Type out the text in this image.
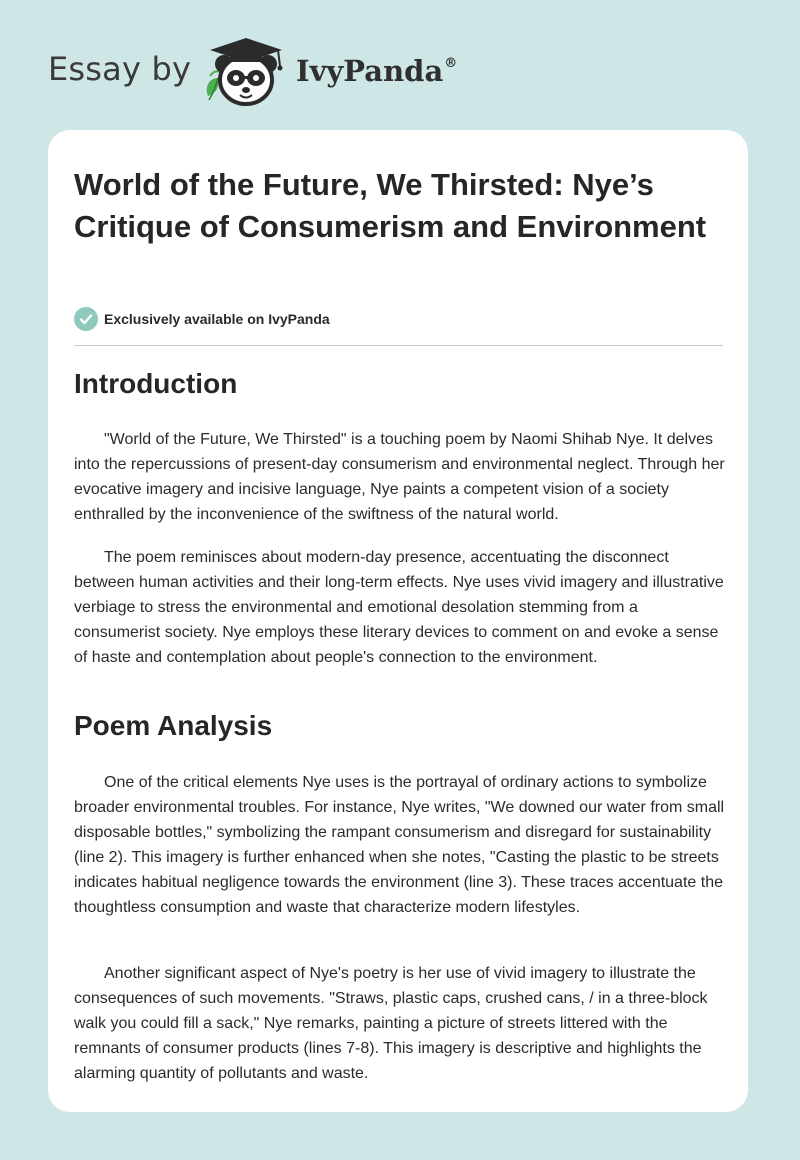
Essay by	IvyPanda®
World of the Future, We Thirsted: Nye’s Critique of Consumerism and Environment
Exclusively available on IvyPanda
Introduction

"World of the Future, We Thirsted" is a touching poem by Naomi Shihab Nye. It delves into the repercussions of present-day consumerism and environmental neglect. Through her evocative imagery and incisive language, Nye paints a competent vision of a society enthralled by the inconvenience of the swiftness of the natural world.

The poem reminisces about modern-day presence, accentuating the disconnect between human activities and their long-term effects. Nye uses vivid imagery and illustrative verbiage to stress the environmental and emotional desolation stemming from a consumerist society. Nye employs these literary devices to comment on and evoke a sense of haste and contemplation about people's connection to the environment.

Poem Analysis

One of the critical elements Nye uses is the portrayal of ordinary actions to symbolize broader environmental troubles. For instance, Nye writes, "We downed our water from small disposable bottles," symbolizing the rampant consumerism and disregard for sustainability (line 2). This imagery is further enhanced when she notes, "Casting the plastic to be streets indicates habitual negligence towards the environment (line 3). These traces accentuate the thoughtless consumption and waste that characterize modern lifestyles.

Another significant aspect of Nye's poetry is her use of vivid imagery to illustrate the consequences of such movements. "Straws, plastic caps, crushed cans, / in a three-block walk you could fill a sack," Nye remarks, painting a picture of streets littered with the remnants of consumer products (lines 7-8). This imagery is descriptive and highlights the alarming quantity of pollutants and waste.
